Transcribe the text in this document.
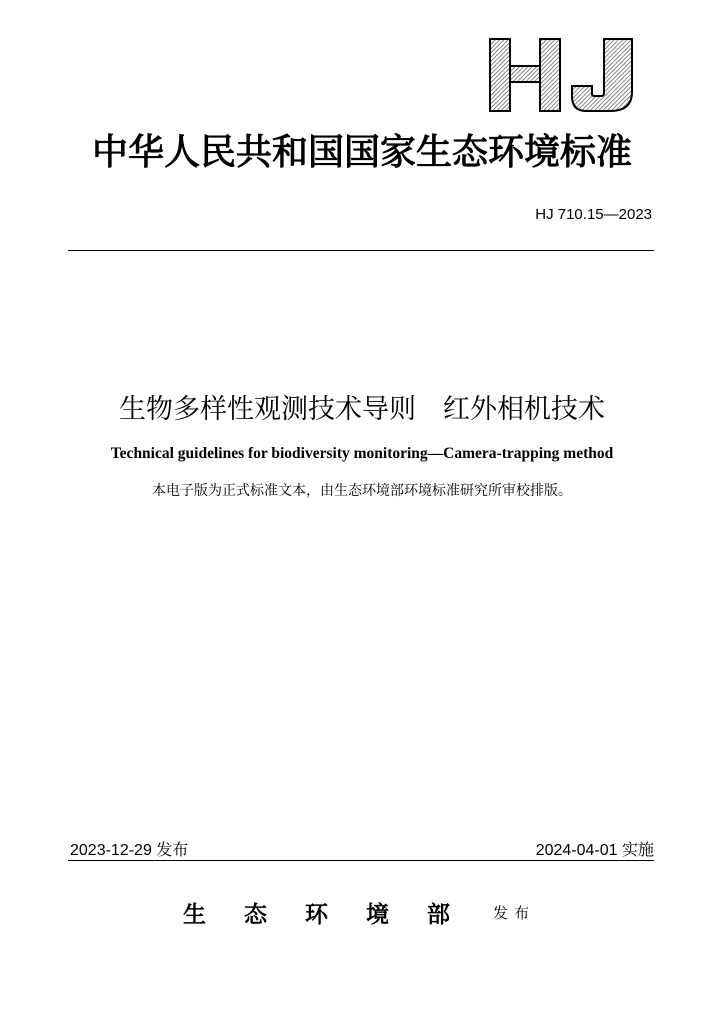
HJ
中华人民共和国国家生态环境标准
HJ 710.15—2023
生物多样性观测技术导则　红外相机技术
Technical guidelines for biodiversity monitoring—Camera-trapping method
本电子版为正式标准文本，由生态环境部环境标准研究所审校排版。
2023-12-29 发布	2024-04-01 实施
生态环境部 发布
